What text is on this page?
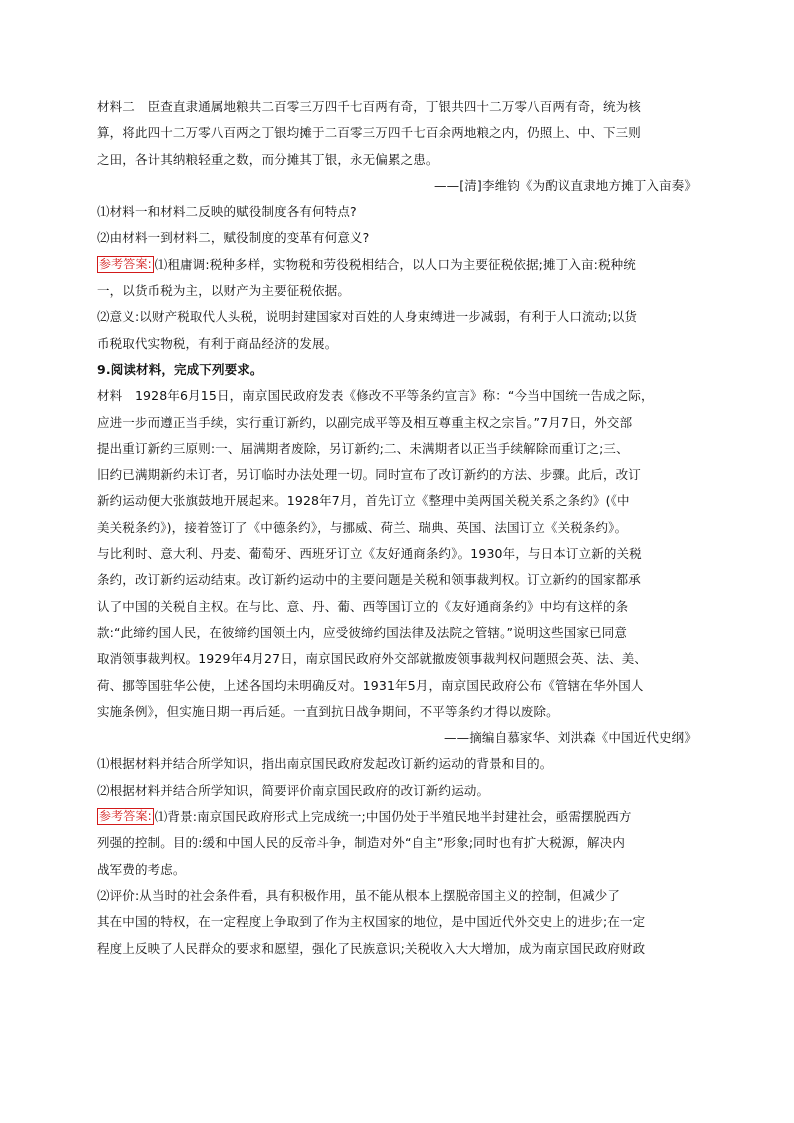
材料二　 臣查直隶通属地粮共二百零三万四千七百两有奇，丁银共四十二万零八百两有奇，统为核

算，将此四十二万零八百两之丁银均摊于二百零三万四千七百余两地粮之内，仍照上、中、下三则

之田，各计其纳粮轻重之数，而分摊其丁银，永无偏累之患。

——[清]李维钧《为酌议直隶地方摊丁入亩奏》

⑴材料一和材料二反映的赋役制度各有何特点?

⑵由材料一到材料二，赋役制度的变革有何意义?

参考答案: ⑴租庸调:税种多样，实物税和劳役税相结合，以人口为主要征税依据;摊丁入亩:税种统

一，以货币税为主，以财产为主要征税依据。

⑵意义:以财产税取代人头税，说明封建国家对百姓的人身束缚进一步减弱，有利于人口流动;以货

币税取代实物税，有利于商品经济的发展。

9.阅读材料，完成下列要求。

材料　1928年6月15日，南京国民政府发表《修改不平等条约宣言》称：“今当中国统一告成之际，

应进一步而遵正当手续，实行重订新约，以副完成平等及相互尊重主权之宗旨。”7月7日，外交部

提出重订新约三原则:一、届满期者废除，另订新约;二、未满期者以正当手续解除而重订之;三、

旧约已满期新约未订者，另订临时办法处理一切。同时宣布了改订新约的方法、步骤。此后，改订

新约运动便大张旗鼓地开展起来。1928年7月，首先订立《整理中美两国关税关系之条约》(《中

美关税条约》)，接着签订了《中德条约》，与挪威、荷兰、瑞典、英国、法国订立《关税条约》。

与比利时、意大利、丹麦、葡萄牙、西班牙订立《友好通商条约》。1930年，与日本订立新的关税

条约，改订新约运动结束。改订新约运动中的主要问题是关税和领事裁判权。订立新约的国家都承

认了中国的关税自主权。在与比、意、丹、葡、西等国订立的《友好通商条约》中均有这样的条

款:“此缔约国人民，在彼缔约国领土内，应受彼缔约国法律及法院之管辖。”说明这些国家已同意

取消领事裁判权。1929年4月27日，南京国民政府外交部就撤废领事裁判权问题照会英、法、美、

荷、挪等国驻华公使，上述各国均未明确反对。1931年5月，南京国民政府公布《管辖在华外国人

实施条例》，但实施日期一再后延。一直到抗日战争期间，不平等条约才得以废除。

——摘编自慕家华、刘洪森《中国近代史纲》

⑴根据材料并结合所学知识，指出南京国民政府发起改订新约运动的背景和目的。

⑵根据材料并结合所学知识，简要评价南京国民政府的改订新约运动。

参考答案: ⑴背景:南京国民政府形式上完成统一;中国仍处于半殖民地半封建社会，亟需摆脱西方

列强的控制。目的:缓和中国人民的反帝斗争，制造对外“自主”形象;同时也有扩大税源，解决内

战军费的考虑。

⑵评价:从当时的社会条件看，具有积极作用，虽不能从根本上摆脱帝国主义的控制，但减少了

其在中国的特权，在一定程度上争取到了作为主权国家的地位，是中国近代外交史上的进步;在一定

程度上反映了人民群众的要求和愿望，强化了民族意识;关税收入大大增加，成为南京国民政府财政
